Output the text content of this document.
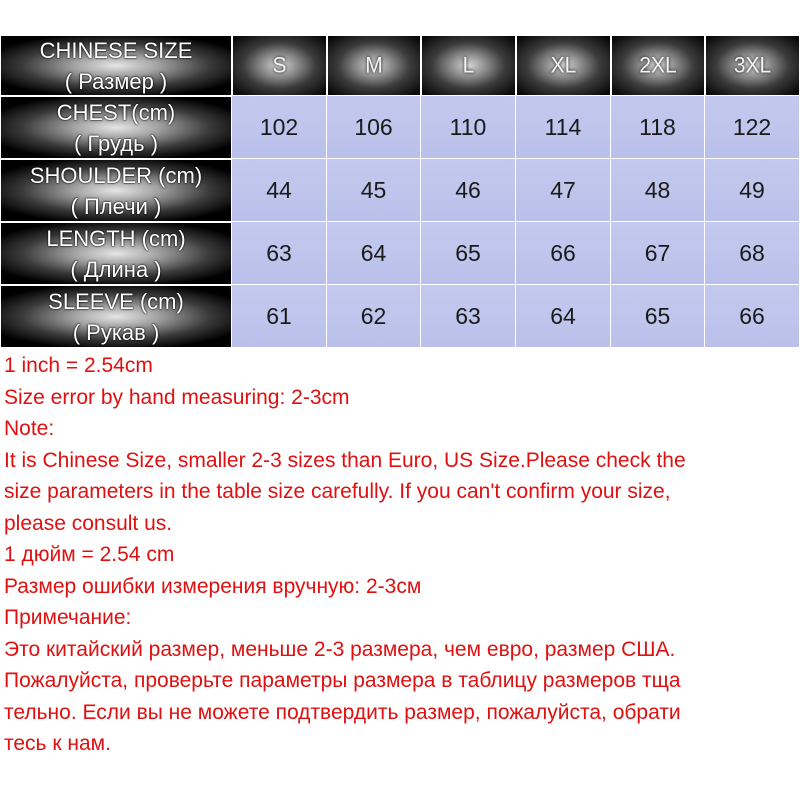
CHINESE SIZE
( Размер )
S	M	L	XL	2XL	3XL
CHEST(cm)
( Грудь )
102	106	110	114	118	122
SHOULDER (cm)
( Плечи )
44	45	46	47	48	49
LENGTH (cm)
( Длина )
63	64	65	66	67	68
SLEEVE (cm)
( Рукав )
61	62	63	64	65	66
1 inch = 2.54cm
Size error by hand measuring: 2-3cm
Note:
It is Chinese Size, smaller 2-3 sizes than Euro, US Size.Please check the
size parameters in the table size carefully. If you can't confirm your size,
please consult us.
1 дюйм = 2.54 cm
Размер ошибки измерения вручную: 2-3см
Примечание:
Это китайский размер, меньше 2-3 размера, чем евро, размер США.
Пожалуйста, проверьте параметры размера в таблицу размеров тща
тельно. Если вы не можете подтвердить размер, пожалуйста, обрати
тесь к нам.
